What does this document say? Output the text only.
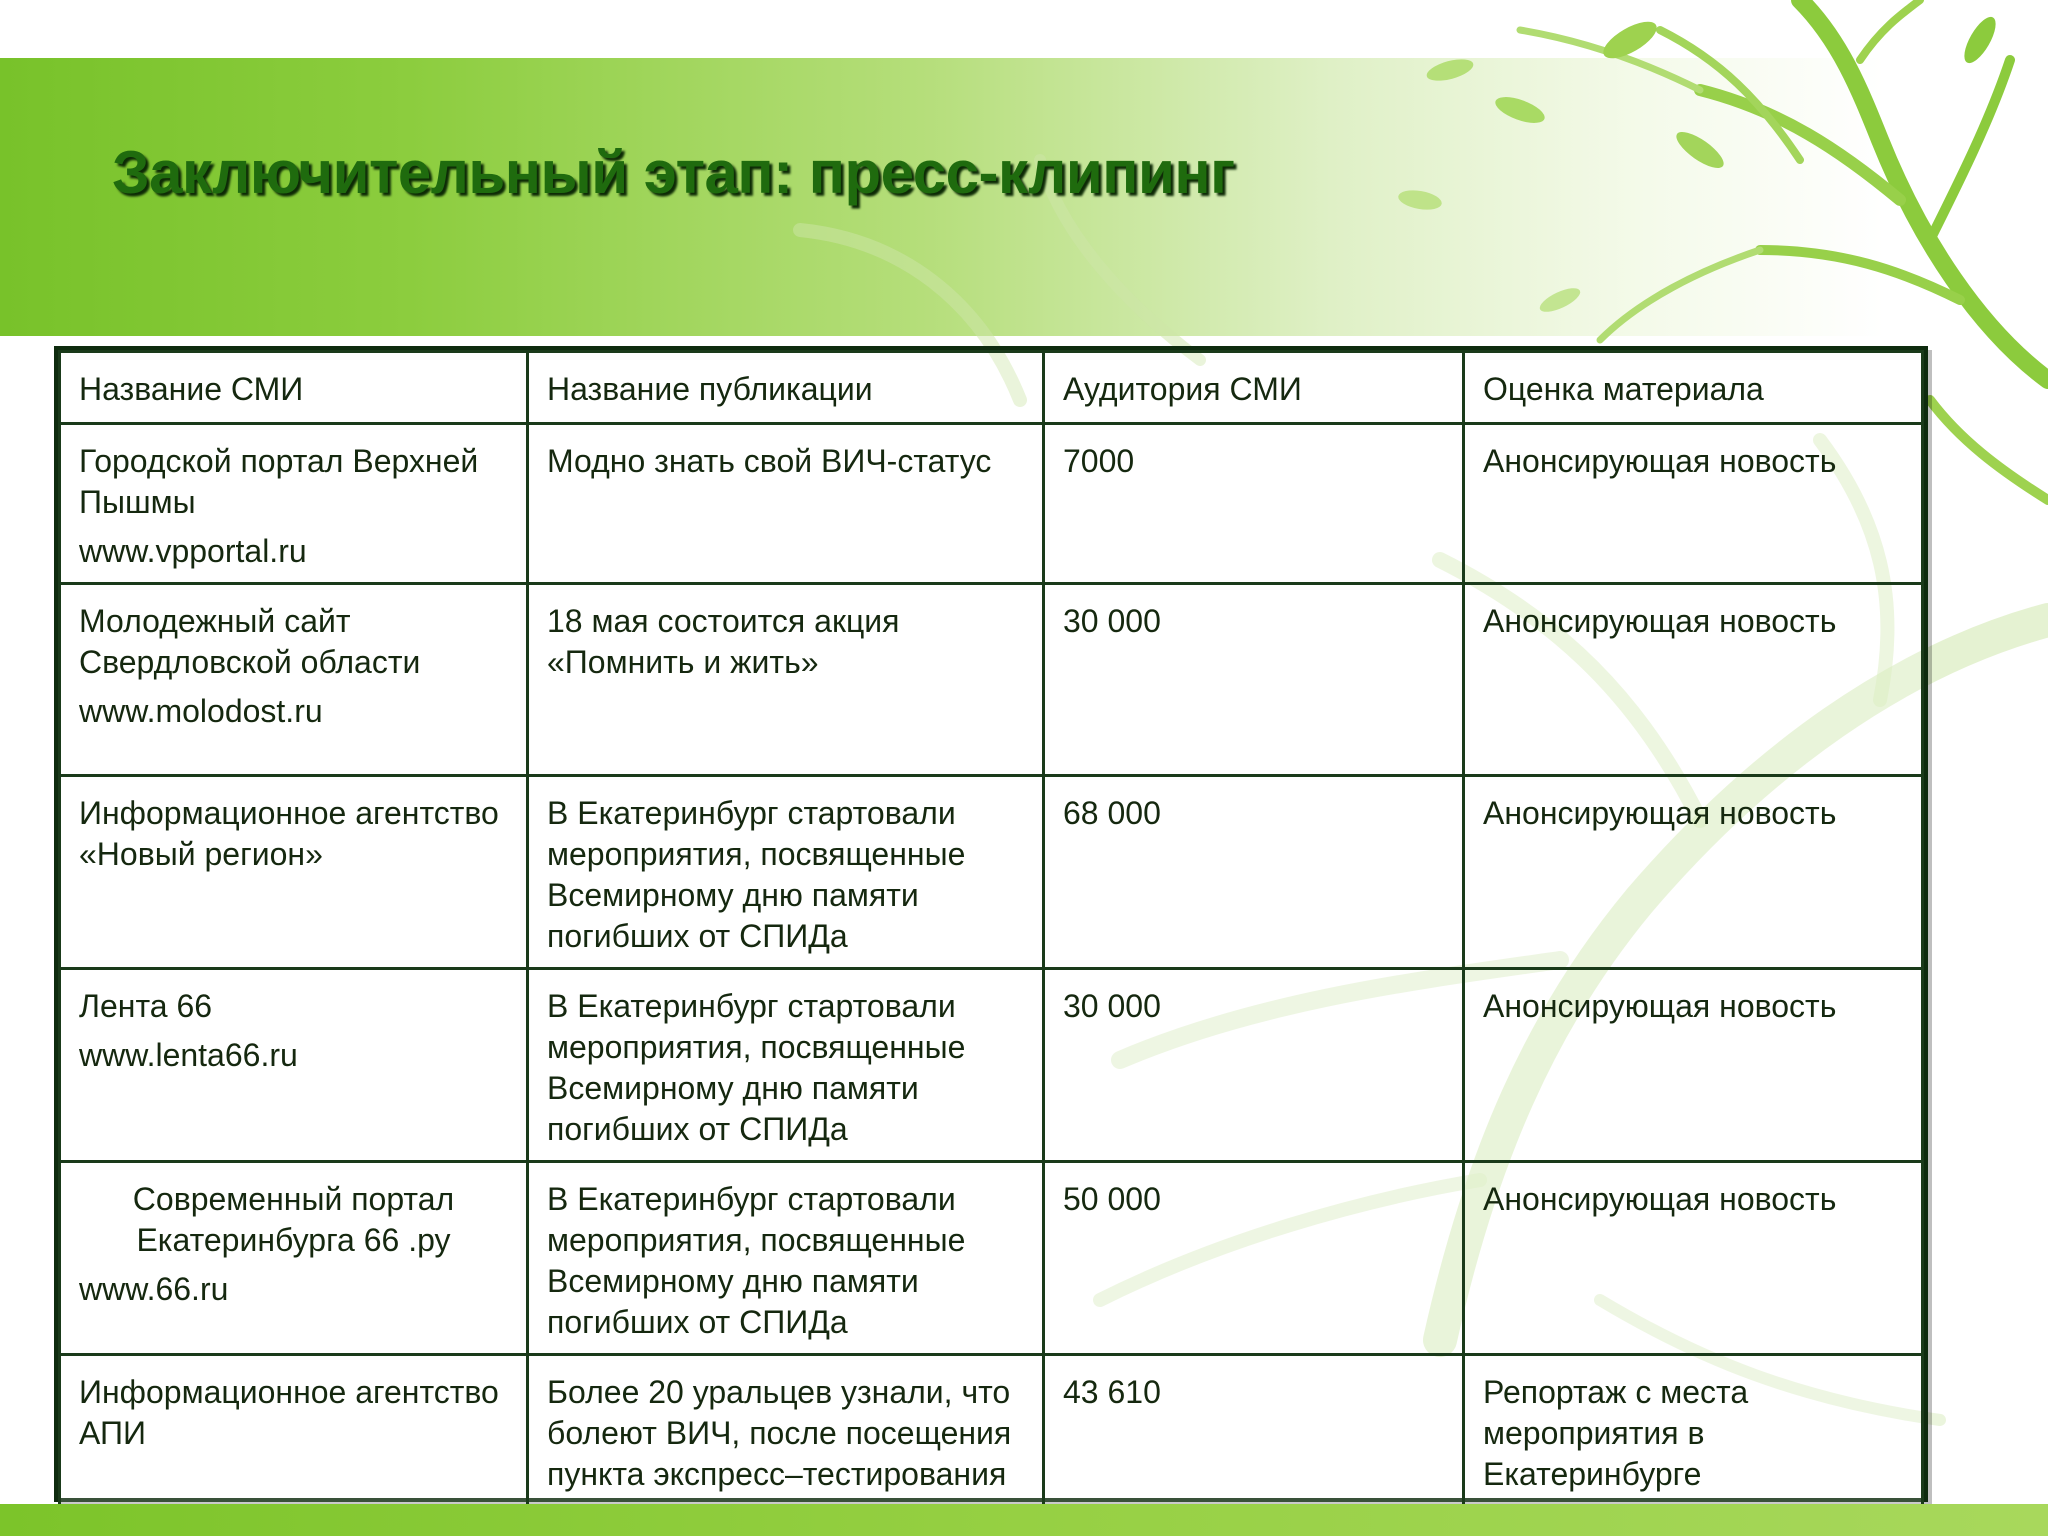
Заключительный этап: пресс-клипинг
Название СМИ	Название публикации	Аудитория СМИ	Оценка материала
Городской портал Верхней Пышмы
www.vpportal.ru	Модно знать свой ВИЧ-статус	7000	Анонсирующая новость
Молодежный сайт Свердловской области
www.molodost.ru	18 мая состоится акция «Помнить и жить»	30 000	Анонсирующая новость
Информационное агентство «Новый регион»	В Екатеринбург стартовали мероприятия, посвященные Всемирному дню памяти погибших от СПИДа	68 000	Анонсирующая новость
Лента 66
www.lenta66.ru	В Екатеринбург стартовали мероприятия, посвященные Всемирному дню памяти погибших от СПИДа	30 000	Анонсирующая новость

Современный портал Екатеринбурга 66 .ру
www.66.ru	В Екатеринбург стартовали мероприятия, посвященные Всемирному дню памяти погибших от СПИДа	50 000	Анонсирующая новость
Информационное агентство АПИ	Более 20 уральцев узнали, что болеют ВИЧ, после посещения пункта экспресс–тестирования	43 610	Репортаж с места мероприятия в Екатеринбурге
